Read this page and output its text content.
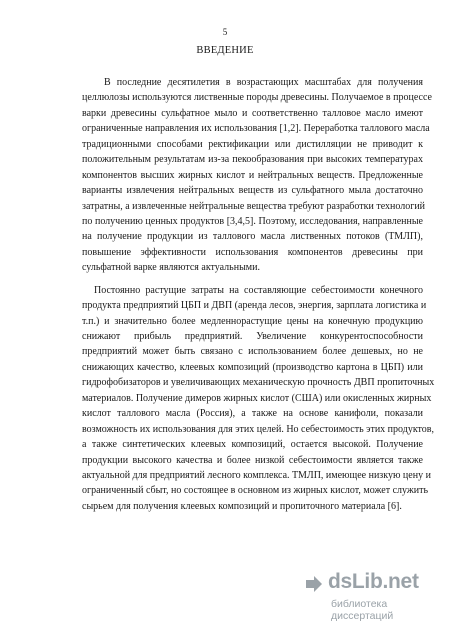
5
ВВЕДЕНИЕ
В последние десятилетия в возрастающих масштабах для получения
целлюлозы используются лиственные породы древесины. Получаемое в процессе
варки древесины сульфатное мыло и соответственно талловое масло имеют
ограниченные направления их использования [1,2]. Переработка таллового масла
традиционными способами ректификации или дистилляции не приводит к
положительным результатам из-за пекообразования при высоких температурах
компонентов высших жирных кислот и нейтральных веществ. Предложенные
варианты извлечения нейтральных веществ из сульфатного мыла достаточно
затратны, а извлеченные нейтральные вещества требуют разработки технологий
по получению ценных продуктов [3,4,5]. Поэтому, исследования, направленные
на получение продукции из таллового масла лиственных потоков (ТМЛП),
повышение эффективности использования компонентов древесины при
сульфатной варке являются актуальными.
Постоянно растущие затраты на составляющие себестоимости конечного
продукта предприятий ЦБП и ДВП (аренда лесов, энергия, зарплата логистика и
т.п.) и значительно более медленнорастущие цены на конечную продукцию
снижают прибыль предприятий. Увеличение конкурентоспособности
предприятий может быть связано с использованием более дешевых, но не
снижающих качество, клеевых композиций (производство картона в ЦБП) или
гидрофобизаторов и увеличивающих механическую прочность ДВП пропиточных
материалов. Получение димеров жирных кислот (США) или окисленных жирных
кислот таллового масла (Россия), а также на основе канифоли, показали
возможность их использования для этих целей. Но себестоимость этих продуктов,
а также синтетических клеевых композиций, остается высокой. Получение
продукции высокого качества и более низкой себестоимости является также
актуальной для предприятий лесного комплекса. ТМЛП, имеющее низкую цену и
ограниченный сбыт, но состоящее в основном из жирных кислот, может служить
сырьем для получения клеевых композиций и пропиточного материала [6].
dsLib.net
библиотека диссертаций
